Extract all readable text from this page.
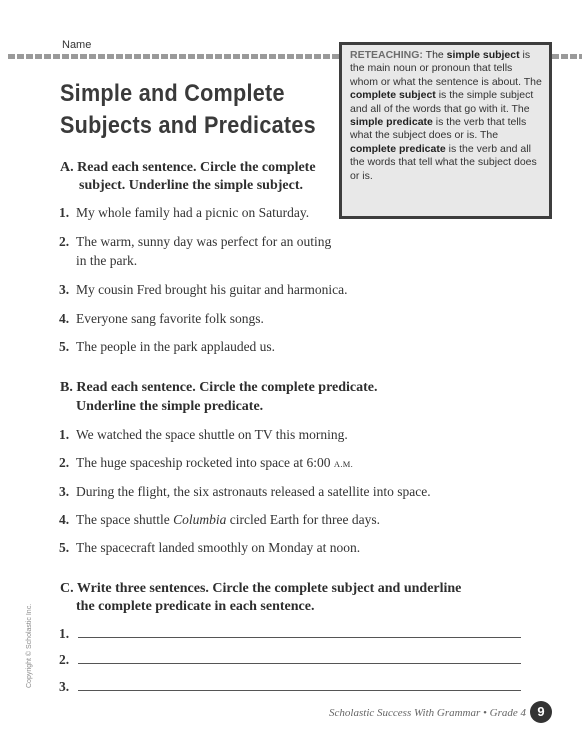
Name
Simple and Complete
Subjects and Predicates
RETEACHING: The simple subject is the main noun or pronoun that tells whom or what the sentence is about. The complete subject is the simple subject and all of the words that go with it. The simple predicate is the verb that tells what the subject does or is. The complete predicate is the verb and all the words that tell what the subject does or is.
A. Read each sentence. Circle the complete
subject. Underline the simple subject.
1. My whole family had a picnic on Saturday.
2. The warm, sunny day was perfect for an outing
in the park.
3. My cousin Fred brought his guitar and harmonica.
4. Everyone sang favorite folk songs.
5. The people in the park applauded us.
B. Read each sentence. Circle the complete predicate.
Underline the simple predicate.
1. We watched the space shuttle on TV this morning.
2. The huge spaceship rocketed into space at 6:00 A.M.
3. During the flight, the six astronauts released a satellite into space.
4. The space shuttle Columbia circled Earth for three days.
5. The spacecraft landed smoothly on Monday at noon.
C. Write three sentences. Circle the complete subject and underline
the complete predicate in each sentence.
1.
2.
3.
Copyright © Scholastic Inc.
Scholastic Success With Grammar • Grade 4 9
